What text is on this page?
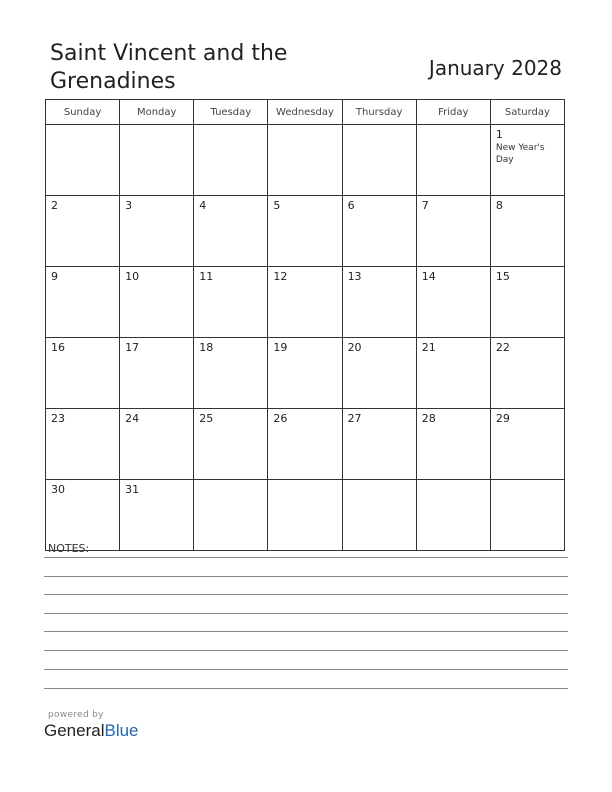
Saint Vincent and the Grenadines
January 2028
Sunday	Monday	Tuesday	Wednesday	Thursday	Friday	Saturday

						1
New Year's Day

2	3	4	5	6	7	8

9	10	11	12	13	14	15

16	17	18	19	20	21	22

23	24	25	26	27	28	29

30	31					

NOTES:
powered by
GeneralBlue
